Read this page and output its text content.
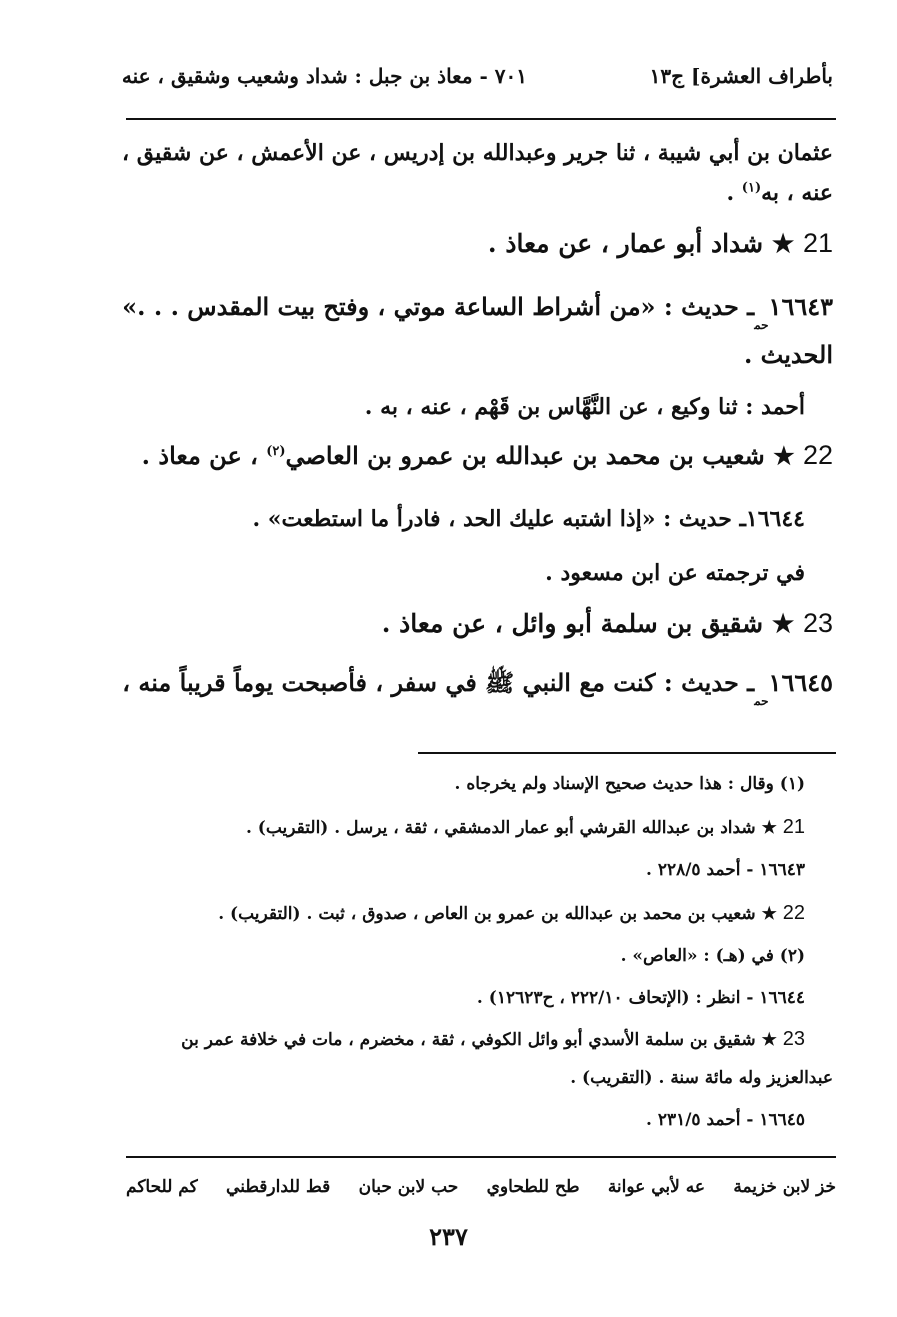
بأطراف العشرة] ج١٣
٧٠١ - معاذ بن جبل : شداد وشعيب وشقيق ، عنه
عثمان بن أبي شيبة ، ثنا جرير وعبدالله بن إدريس ، عن الأعمش ، عن شقيق ،
عنه ، به$^{(١)}$ .
21 ★ شداد أبو عمار ، عن معاذ .
$١٦٦٤٣_{حم}ـ$ حديث : «من أشراط الساعة موتي ، وفتح بيت المقدس . . .»
الحديث .
أحمد : ثنا وكيع ، عن النَّهَّاس بن قَهْم ، عنه ، به .
22 ★ شعيب بن محمد بن عبدالله بن عمرو بن العاصي$^{(٢)}$ ، عن معاذ .
١٦٦٤٤ـ حديث : «إذا اشتبه عليك الحد ، فادرأ ما استطعت» .
في ترجمته عن ابن مسعود .
23 ★ شقيق بن سلمة أبو وائل ، عن معاذ .
$١٦٦٤٥_{حم}ـ$ حديث : كنت مع النبي ﷺ في سفر ، فأصبحت يوماً قريباً منه ،
(١) وقال : هذا حديث صحيح الإسناد ولم يخرجاه .
21 ★ شداد بن عبدالله القرشي أبو عمار الدمشقي ، ثقة ، يرسل . (التقريب) .
١٦٦٤٣ - أحمد ٢٢٨/٥ .
22 ★ شعيب بن محمد بن عبدالله بن عمرو بن العاص ، صدوق ، ثبت . (التقريب) .
(٢) في (هـ) : «العاص» .
١٦٦٤٤ - انظر : (الإتحاف ٢٢٢/١٠ ، ح١٢٦٢٣) .
23 ★ شقيق بن سلمة الأسدي أبو وائل الكوفي ، ثقة ، مخضرم ، مات في خلافة عمر بن
عبدالعزيز وله مائة سنة . (التقريب) .
١٦٦٤٥ - أحمد ٢٣١/٥ .
خز لابن خزيمة
عه لأبي عوانة
طح للطحاوي
حب لابن حبان
قط للدارقطني
كم للحاكم
٢٣٧
